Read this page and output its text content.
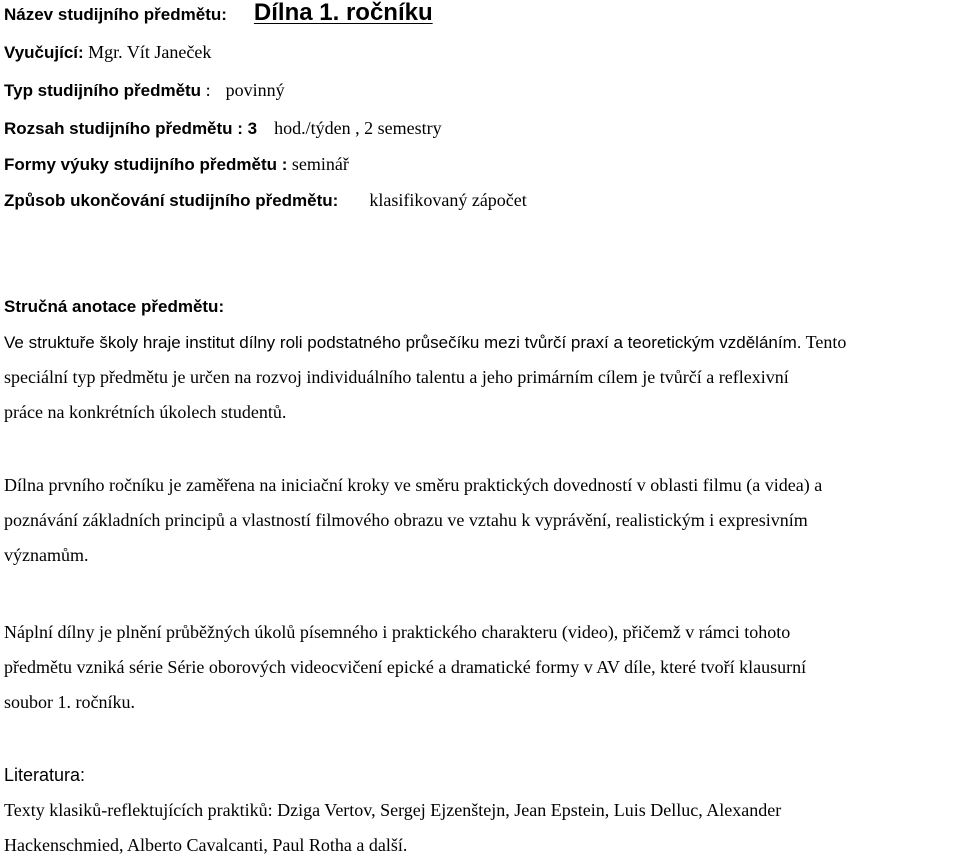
Název studijního předmětu: Dílna 1. ročníku
Vyučující: Mgr. Vít Janeček
Typ studijního předmětu : povinný
Rozsah studijního předmětu : 3 hod./týden , 2 semestry
Formy výuky studijního předmětu : seminář
Způsob ukončování studijního předmětu: klasifikovaný zápočet
Stručná anotace předmětu:
Ve struktuře školy hraje institut dílny roli podstatného průsečíku mezi tvůrčí praxí a teoretickým vzděláním. Tento
speciální typ předmětu je určen na rozvoj individuálního talentu a jeho primárním cílem je tvůrčí a reflexivní
práce na konkrétních úkolech studentů.
Dílna prvního ročníku je zaměřena na iniciační kroky ve směru praktických dovedností v oblasti filmu (a videa) a
poznávání základních principů a vlastností filmového obrazu ve vztahu k vyprávění, realistickým i expresivním
významům.
Náplní dílny je plnění průběžných úkolů písemného i praktického charakteru (video), přičemž v rámci tohoto
předmětu vzniká série Série oborových videocvičení epické a dramatické formy v AV díle, které tvoří klausurní
soubor 1. ročníku.
Literatura:
Texty klasiků-reflektujících praktiků: Dziga Vertov, Sergej Ejzenštejn, Jean Epstein, Luis Delluc, Alexander
Hackenschmied, Alberto Cavalcanti, Paul Rotha a další.
